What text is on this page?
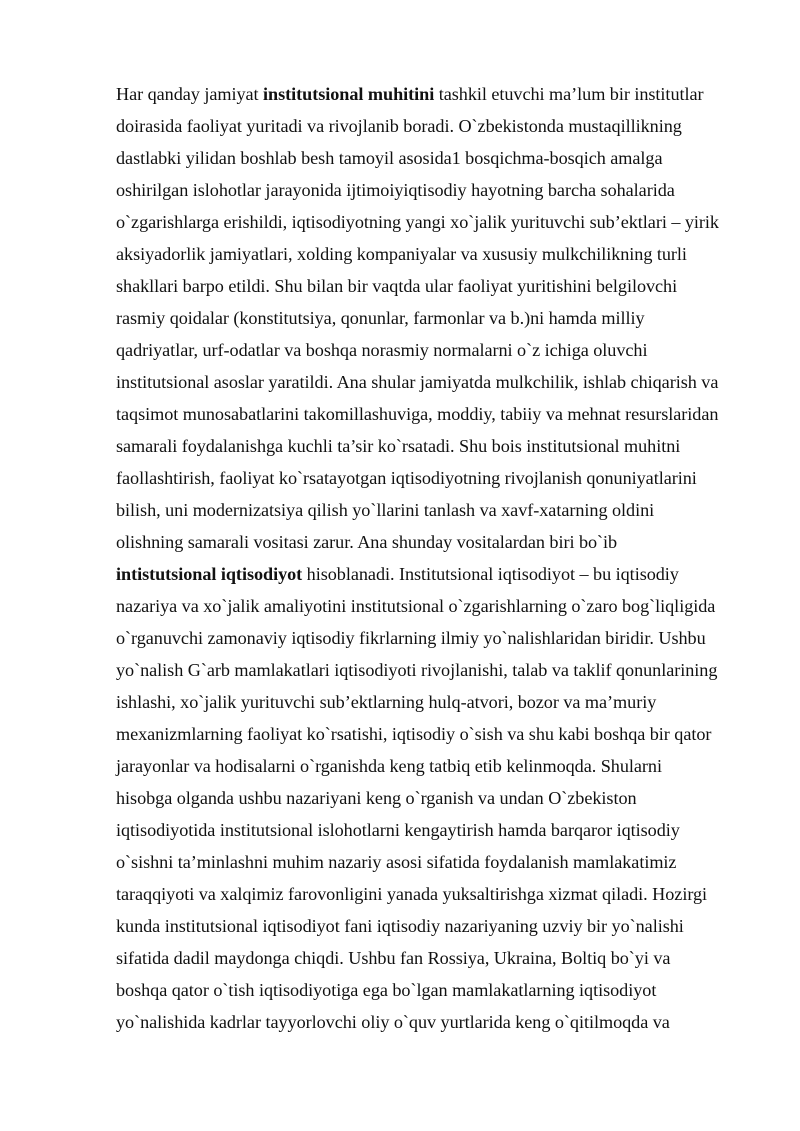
Har qanday jamiyat institutsional muhitini tashkil etuvchi ma’lum bir institutlar
doirasida faoliyat yuritadi va rivojlanib boradi. O`zbekistonda mustaqillikning
dastlabki yilidan boshlab besh tamoyil asosida1 bosqichma-bosqich amalga
oshirilgan islohotlar jarayonida ijtimoiyiqtisodiy hayotning barcha sohalarida
o`zgarishlarga erishildi, iqtisodiyotning yangi xo`jalik yurituvchi sub’ektlari – yirik
aksiyadorlik jamiyatlari, xolding kompaniyalar va xususiy mulkchilikning turli
shakllari barpo etildi. Shu bilan bir vaqtda ular faoliyat yuritishini belgilovchi
rasmiy qoidalar (konstitutsiya, qonunlar, farmonlar va b.)ni hamda milliy
qadriyatlar, urf-odatlar va boshqa norasmiy normalarni o`z ichiga oluvchi
institutsional asoslar yaratildi. Ana shular jamiyatda mulkchilik, ishlab chiqarish va
taqsimot munosabatlarini takomillashuviga, moddiy, tabiiy va mehnat resurslaridan
samarali foydalanishga kuchli ta’sir ko`rsatadi. Shu bois institutsional muhitni
faollashtirish, faoliyat ko`rsatayotgan iqtisodiyotning rivojlanish qonuniyatlarini
bilish, uni modernizatsiya qilish yo`llarini tanlash va xavf-xatarning oldini
olishning samarali vositasi zarur. Ana shunday vositalardan biri bo`ib
intistutsional iqtisodiyot hisoblanadi. Institutsional iqtisodiyot – bu iqtisodiy
nazariya va xo`jalik amaliyotini institutsional o`zgarishlarning o`zaro bog`liqligida
o`rganuvchi zamonaviy iqtisodiy fikrlarning ilmiy yo`nalishlaridan biridir. Ushbu
yo`nalish G`arb mamlakatlari iqtisodiyoti rivojlanishi, talab va taklif qonunlarining
ishlashi, xo`jalik yurituvchi sub’ektlarning hulq-atvori, bozor va ma’muriy
mexanizmlarning faoliyat ko`rsatishi, iqtisodiy o`sish va shu kabi boshqa bir qator
jarayonlar va hodisalarni o`rganishda keng tatbiq etib kelinmoqda. Shularni
hisobga olganda ushbu nazariyani keng o`rganish va undan O`zbekiston
iqtisodiyotida institutsional islohotlarni kengaytirish hamda barqaror iqtisodiy
o`sishni ta’minlashni muhim nazariy asosi sifatida foydalanish mamlakatimiz
taraqqiyoti va xalqimiz farovonligini yanada yuksaltirishga xizmat qiladi. Hozirgi
kunda institutsional iqtisodiyot fani iqtisodiy nazariyaning uzviy bir yo`nalishi
sifatida dadil maydonga chiqdi. Ushbu fan Rossiya, Ukraina, Boltiq bo`yi va
boshqa qator o`tish iqtisodiyotiga ega bo`lgan mamlakatlarning iqtisodiyot
yo`nalishida kadrlar tayyorlovchi oliy o`quv yurtlarida keng o`qitilmoqda va
